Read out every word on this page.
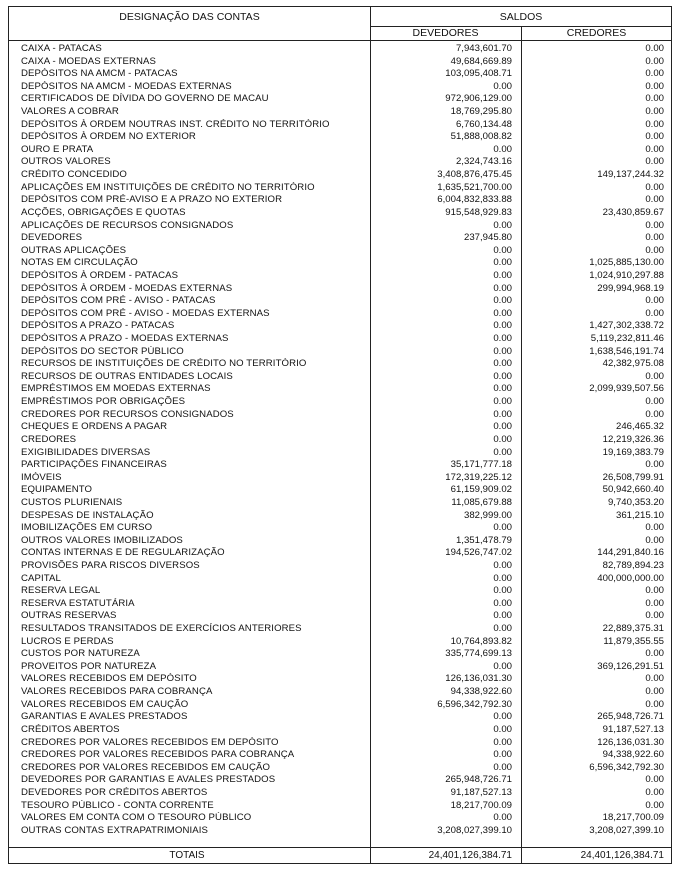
DESIGNAÇÃO DAS CONTAS	SALDOS
DEVEDORES	CREDORES
CAIXA - PATACAS	7,943,601.70	0.00
CAIXA - MOEDAS EXTERNAS	49,684,669.89	0.00
DEPÓSITOS NA AMCM - PATACAS	103,095,408.71	0.00
DEPÓSITOS NA AMCM - MOEDAS EXTERNAS	0.00	0.00
CERTIFICADOS DE DÍVIDA DO GOVERNO DE MACAU	972,906,129.00	0.00
VALORES A COBRAR	18,769,295.80	0.00
DEPÓSITOS À ORDEM NOUTRAS INST. CRÉDITO NO TERRITÓRIO	6,760,134.48	0.00
DEPÓSITOS À ORDEM NO EXTERIOR	51,888,008.82	0.00
OURO E PRATA	0.00	0.00
OUTROS VALORES	2,324,743.16	0.00
CRÉDITO CONCEDIDO	3,408,876,475.45	149,137,244.32
APLICAÇÕES EM INSTITUIÇÕES DE CRÉDITO NO TERRITÓRIO	1,635,521,700.00	0.00
DEPÓSITOS COM PRÉ-AVISO E A PRAZO NO EXTERIOR	6,004,832,833.88	0.00
ACÇÕES, OBRIGAÇÕES E QUOTAS	915,548,929.83	23,430,859.67
APLICAÇÕES DE RECURSOS CONSIGNADOS	0.00	0.00
DEVEDORES	237,945.80	0.00
OUTRAS APLICAÇÕES	0.00	0.00
NOTAS EM CIRCULAÇÃO	0.00	1,025,885,130.00
DEPÓSITOS À ORDEM - PATACAS	0.00	1,024,910,297.88
DEPÓSITOS À ORDEM - MOEDAS EXTERNAS	0.00	299,994,968.19
DEPÓSITOS COM PRÉ - AVISO - PATACAS	0.00	0.00
DEPÓSITOS COM PRÉ - AVISO - MOEDAS EXTERNAS	0.00	0.00
DEPÓSITOS A PRAZO - PATACAS	0.00	1,427,302,338.72
DEPÓSITOS A PRAZO - MOEDAS EXTERNAS	0.00	5,119,232,811.46
DEPÓSITOS DO SECTOR PÚBLICO	0.00	1,638,546,191.74
RECURSOS DE INSTITUIÇÕES DE CRÉDITO NO TERRITÓRIO	0.00	42,382,975.08
RECURSOS DE OUTRAS ENTIDADES LOCAIS	0.00	0.00
EMPRÉSTIMOS EM MOEDAS EXTERNAS	0.00	2,099,939,507.56
EMPRÉSTIMOS POR OBRIGAÇÕES	0.00	0.00
CREDORES POR RECURSOS CONSIGNADOS	0.00	0.00
CHEQUES E ORDENS A PAGAR	0.00	246,465.32
CREDORES	0.00	12,219,326.36
EXIGIBILIDADES DIVERSAS	0.00	19,169,383.79
PARTICIPAÇÕES FINANCEIRAS	35,171,777.18	0.00
IMÓVEIS	172,319,225.12	26,508,799.91
EQUIPAMENTO	61,159,909.02	50,942,660.40
CUSTOS PLURIENAIS	11,085,679.88	9,740,353.20
DESPESAS DE INSTALAÇÃO	382,999.00	361,215.10
IMOBILIZAÇÕES EM CURSO	0.00	0.00
OUTROS VALORES IMOBILIZADOS	1,351,478.79	0.00
CONTAS INTERNAS E DE REGULARIZAÇÃO	194,526,747.02	144,291,840.16
PROVISÕES PARA RISCOS DIVERSOS	0.00	82,789,894.23
CAPITAL	0.00	400,000,000.00
RESERVA LEGAL	0.00	0.00
RESERVA ESTATUTÁRIA	0.00	0.00
OUTRAS RESERVAS	0.00	0.00
RESULTADOS TRANSITADOS DE EXERCÍCIOS ANTERIORES	0.00	22,889,375.31
LUCROS E PERDAS	10,764,893.82	11,879,355.55
CUSTOS POR NATUREZA	335,774,699.13	0.00
PROVEITOS POR NATUREZA	0.00	369,126,291.51
VALORES RECEBIDOS EM DEPÓSITO	126,136,031.30	0.00
VALORES RECEBIDOS PARA COBRANÇA	94,338,922.60	0.00
VALORES RECEBIDOS EM CAUÇÃO	6,596,342,792.30	0.00
GARANTIAS E AVALES PRESTADOS	0.00	265,948,726.71
CRÉDITOS ABERTOS	0.00	91,187,527.13
CREDORES POR VALORES RECEBIDOS EM DEPÓSITO	0.00	126,136,031.30
CREDORES POR VALORES RECEBIDOS PARA COBRANÇA	0.00	94,338,922.60
CREDORES POR VALORES RECEBIDOS EM CAUÇÃO	0.00	6,596,342,792.30
DEVEDORES POR GARANTIAS E AVALES PRESTADOS	265,948,726.71	0.00
DEVEDORES POR CRÉDITOS ABERTOS	91,187,527.13	0.00
TESOURO PÚBLICO - CONTA CORRENTE	18,217,700.09	0.00
VALORES EM CONTA COM O TESOURO PÚBLICO	0.00	18,217,700.09
OUTRAS CONTAS EXTRAPATRIMONIAIS	3,208,027,399.10	3,208,027,399.10
TOTAIS	24,401,126,384.71	24,401,126,384.71
